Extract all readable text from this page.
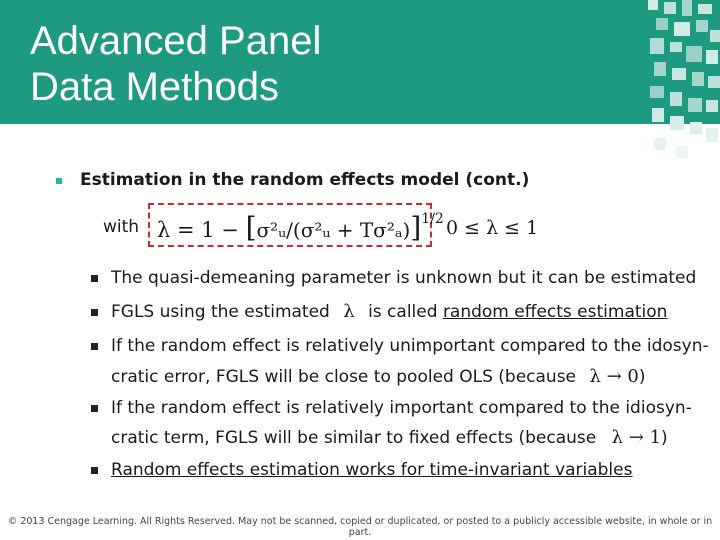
Advanced Panel
Data Methods
Estimation in the random effects model (cont.)
with λ = 1 − [σ²ᵤ/(σ²ᵤ + Tσ²ₐ)]$^{1/2}$ 0 ≤ λ ≤ 1
The quasi-demeaning parameter is unknown but it can be estimated
FGLS using the estimated λ is called random effects estimation
If the random effect is relatively unimportant compared to the idosyn-
cratic error, FGLS will be close to pooled OLS (because λ → 0)
If the random effect is relatively important compared to the idiosyn-
cratic term, FGLS will be similar to fixed effects (because λ → 1)
Random effects estimation works for time-invariant variables
© 2013 Cengage Learning. All Rights Reserved. May not be scanned, copied or duplicated, or posted to a publicly accessible website, in whole or in part.
